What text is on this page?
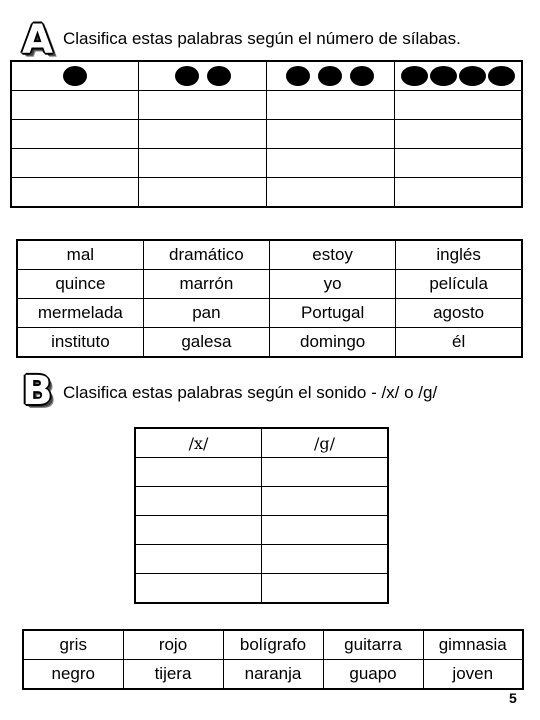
A Clasifica estas palabras según el número de sílabas.

mal	dramático	estoy	inglés
quince	marrón	yo	película
mermelada	pan	Portugal	agosto
instituto	galesa	domingo	él
B Clasifica estas palabras según el sonido - /x/ o /g/
/x/	/g/

gris	rojo	bolígrafo	guitarra	gimnasia
negro	tijera	naranja	guapo	joven
5
